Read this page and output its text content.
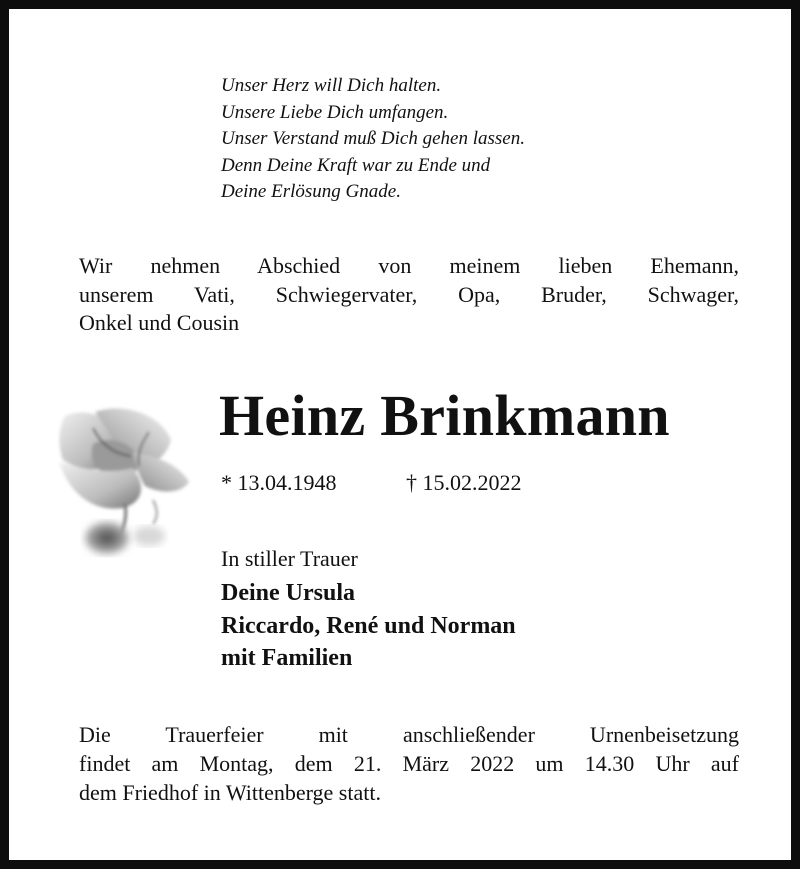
Unser Herz will Dich halten.
Unsere Liebe Dich umfangen.
Unser Verstand muß Dich gehen lassen.
Denn Deine Kraft war zu Ende und
Deine Erlösung Gnade.
Wir nehmen Abschied von meinem lieben Ehemann,
unserem Vati, Schwiegervater, Opa, Bruder, Schwager,
Onkel und Cousin
Heinz Brinkmann
* 13.04.1948	† 15.02.2022
In stiller Trauer
Deine Ursula
Riccardo, René und Norman
mit Familien
Die Trauerfeier mit anschließender Urnenbeisetzung
findet am Montag, dem 21. März 2022 um 14.30 Uhr auf
dem Friedhof in Wittenberge statt.
